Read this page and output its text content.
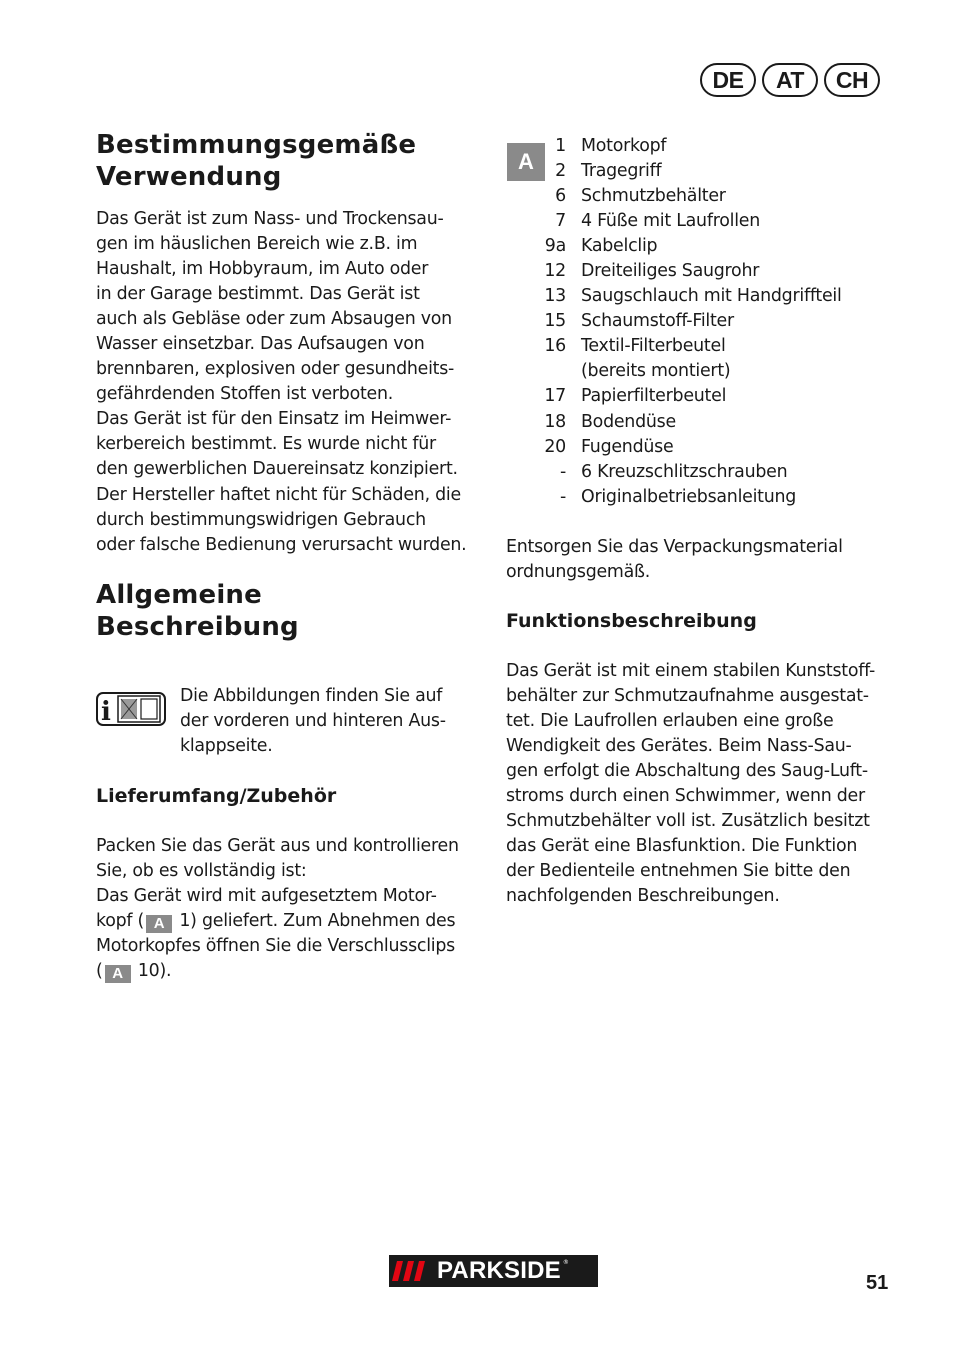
DE	AT	CH
Bestimmungsgemäße
Verwendung

Das Gerät ist zum Nass- und Trockensau-

gen im häuslichen Bereich wie z.B. im

Haushalt, im Hobbyraum, im Auto oder

in der Garage bestimmt. Das Gerät ist

auch als Gebläse oder zum Absaugen von

Wasser einsetzbar. Das Aufsaugen von

brennbaren, explosiven oder gesundheits-

gefährdenden Stoffen ist verboten.

Das Gerät ist für den Einsatz im Heimwer-

kerbereich bestimmt. Es wurde nicht für

den gewerblichen Dauereinsatz konzipiert.

Der Hersteller haftet nicht für Schäden, die

durch bestimmungswidrigen Gebrauch

oder falsche Bedienung verursacht wurden.

Allgemeine
Beschreibung
i

Die Abbildungen finden Sie auf

der vorderen und hinteren Aus-

klappseite.

Lieferumfang/Zubehör

Packen Sie das Gerät aus und kontrollieren

Sie, ob es vollständig ist:

Das Gerät wird mit aufgesetztem Motor-

kopf ( A 1) geliefert. Zum Abnehmen des

Motorkopfes öffnen Sie die Verschlussclips

( A 10).

A
1 Motorkopf
2 Tragegriff
6 Schmutzbehälter
7 4 Füße mit Laufrollen
9a Kabelclip
12 Dreiteiliges Saugrohr
13 Saugschlauch mit Handgriffteil
15 Schaumstoff-Filter
16 Textil-Filterbeutel
(bereits montiert)
17 Papierfilterbeutel
18 Bodendüse
20 Fugendüse
- 6 Kreuzschlitzschrauben
- Originalbetriebsanleitung

Entsorgen Sie das Verpackungsmaterial

ordnungsgemäß.

Funktionsbeschreibung

Das Gerät ist mit einem stabilen Kunststoff-

behälter zur Schmutzaufnahme ausgestat-

tet. Die Laufrollen erlauben eine große

Wendigkeit des Gerätes. Beim Nass-Sau-

gen erfolgt die Abschaltung des Saug-Luft-

stroms durch einen Schwimmer, wenn der

Schmutzbehälter voll ist. Zusätzlich besitzt

das Gerät eine Blasfunktion. Die Funktion

der Bedienteile entnehmen Sie bitte den

nachfolgenden Beschreibungen.

PARKSIDE ®
51
